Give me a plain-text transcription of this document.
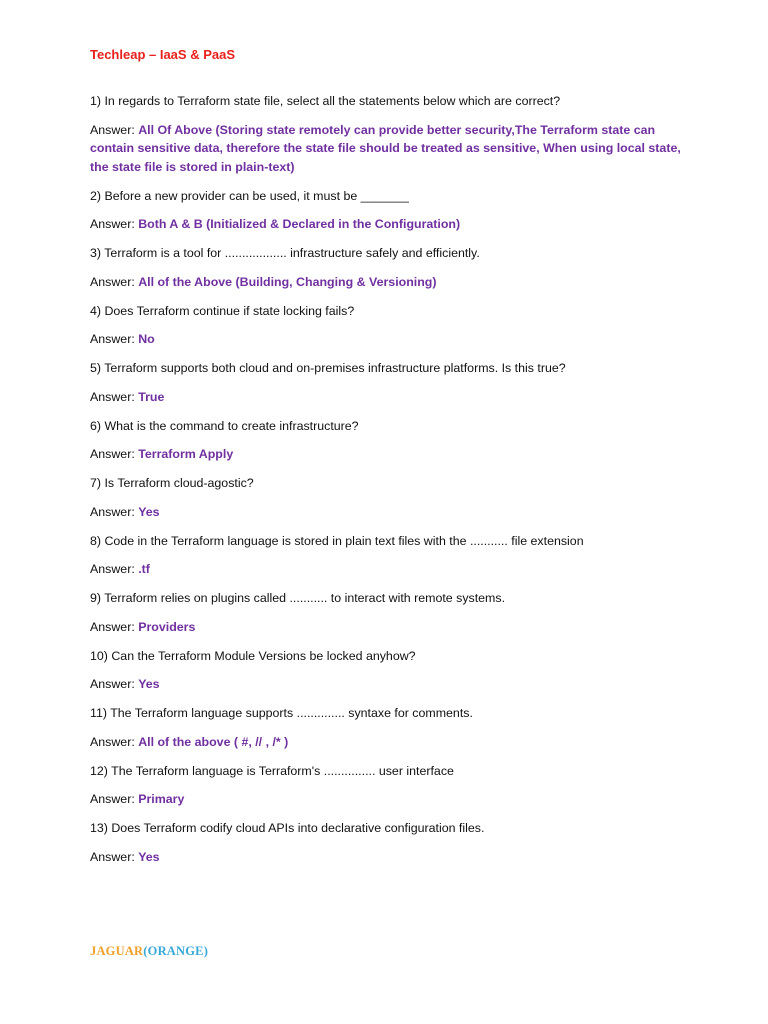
Techleap – IaaS & PaaS
1) In regards to Terraform state file, select all the statements below which are correct?
Answer: All Of Above (Storing state remotely can provide better security,The Terraform state can contain sensitive data, therefore the state file should be treated as sensitive, When using local state, the state file is stored in plain-text)
2) Before a new provider can be used, it must be _______
Answer: Both A & B (Initialized & Declared in the Configuration)
3) Terraform is a tool for .................. infrastructure safely and efficiently.
Answer: All of the Above (Building, Changing & Versioning)
4) Does Terraform continue if state locking fails?
Answer: No
5) Terraform supports both cloud and on-premises infrastructure platforms. Is this true?
Answer: True
6) What is the command to create infrastructure?
Answer: Terraform Apply
7) Is Terraform cloud-agostic?
Answer: Yes
8) Code in the Terraform language is stored in plain text files with the ........... file extension
Answer: .tf
9) Terraform relies on plugins called ........... to interact with remote systems.
Answer: Providers
10) Can the Terraform Module Versions be locked anyhow?
Answer: Yes
11) The Terraform language supports .............. syntaxe for comments.
Answer: All of the above ( #, // , /* )
12) The Terraform language is Terraform's ............... user interface
Answer: Primary
13) Does Terraform codify cloud APIs into declarative configuration files.
Answer: Yes
JAGUAR(ORANGE)
